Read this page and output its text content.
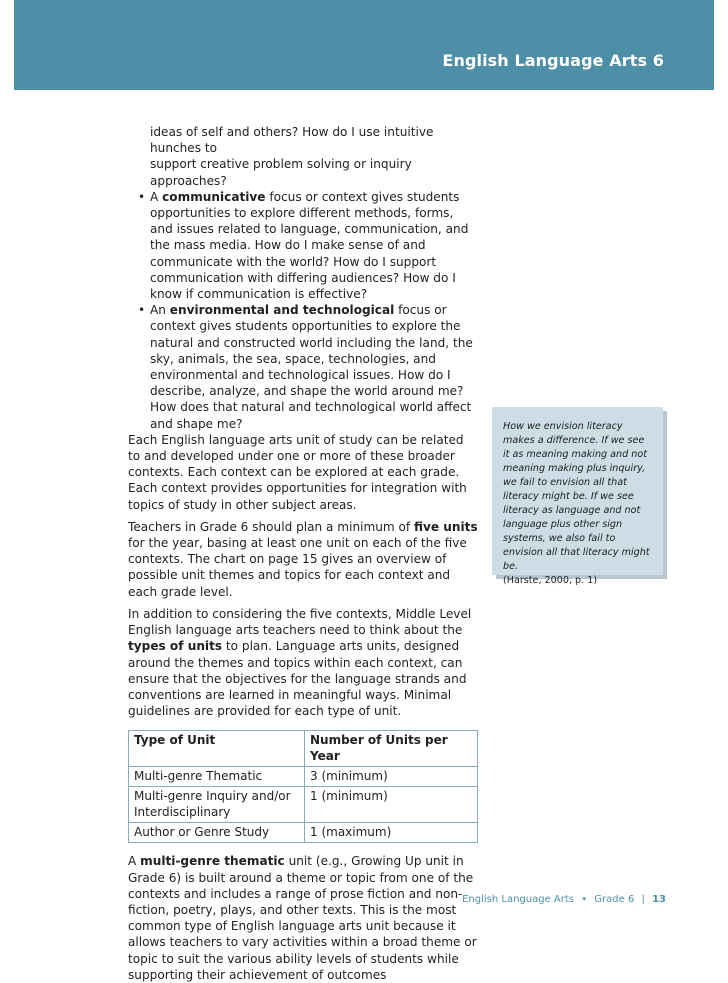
English Language Arts 6

ideas of self and others? How do I use intuitive hunches to
support creative problem solving or inquiry approaches?

• A communicative focus or context gives students opportunities to explore different methods, forms, and issues related to language, communication, and the mass media. How do I make sense of and communicate with the world? How do I support communication with differing audiences? How do I know if communication is effective?

• An environmental and technological focus or context gives students opportunities to explore the natural and constructed world including the land, the sky, animals, the sea, space, technologies, and environmental and technological issues. How do I describe, analyze, and shape the world around me? How does that natural and technological world affect and shape me?

Each English language arts unit of study can be related to and developed under one or more of these broader contexts. Each context can be explored at each grade. Each context provides opportunities for integration with topics of study in other subject areas.

Teachers in Grade 6 should plan a minimum of five units for the year, basing at least one unit on each of the five contexts. The chart on page 15 gives an overview of possible unit themes and topics for each context and each grade level.

In addition to considering the five contexts, Middle Level English language arts teachers need to think about the types of units to plan. Language arts units, designed around the themes and topics within each context, can ensure that the objectives for the language strands and conventions are learned in meaningful ways. Minimal guidelines are provided for each type of unit.

Type of Unit	Number of Units per Year
Multi-genre Thematic	3 (minimum)
Multi-genre Inquiry and/or Interdisciplinary	1 (minimum)
Author or Genre Study	1 (maximum)

A multi-genre thematic unit (e.g., Growing Up unit in Grade 6) is built around a theme or topic from one of the contexts and includes a range of prose fiction and non-fiction, poetry, plays, and other texts. This is the most common type of English language arts unit because it allows teachers to vary activities within a broad theme or topic to suit the various ability levels of students while supporting their achievement of outcomes

How we envision literacy makes a difference. If we see it as meaning making and not meaning making plus inquiry, we fail to envision all that literacy might be. If we see literacy as language and not language plus other sign systems, we also fail to envision all that literacy might be.
(Harste, 2000, p. 1)
English Language Arts • Grade 6 | 13
